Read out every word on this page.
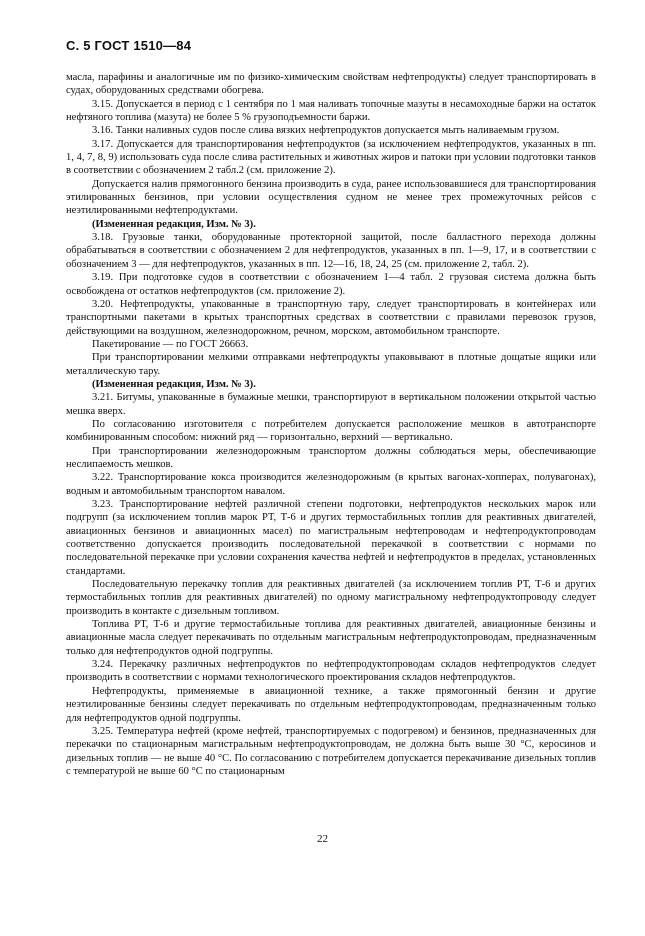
С. 5 ГОСТ 1510—84

масла, парафины и аналогичные им по физико-химическим свойствам нефтепродукты) следует транспортировать в судах, оборудованных средствами обогрева.

3.15. Допускается в период с 1 сентября по 1 мая наливать топочные мазуты в несамоходные баржи на остаток нефтяного топлива (мазута) не более 5 % грузоподъемности баржи.

3.16. Танки наливных судов после слива вязких нефтепродуктов допускается мыть наливаемым грузом.

3.17. Допускается для транспортирования нефтепродуктов (за исключением нефтепродуктов, указанных в пп. 1, 4, 7, 8, 9) использовать суда после слива растительных и животных жиров и патоки при условии подготовки танков в соответствии с обозначением 2 табл.2 (см. приложение 2).

Допускается налив прямогонного бензина производить в суда, ранее использовавшиеся для транспортирования этилированных бензинов, при условии осуществления судном не менее трех промежуточных рейсов с неэтилированными нефтепродуктами.

(Измененная редакция, Изм. № 3).

3.18. Грузовые танки, оборудованные протекторной защитой, после балластного перехода должны обрабатываться в соответствии с обозначением 2 для нефтепродуктов, указанных в пп. 1—9, 17, и в соответствии с обозначением 3 — для нефтепродуктов, указанных в пп. 12—16, 18, 24, 25 (см. приложение 2, табл. 2).

3.19. При подготовке судов в соответствии с обозначением 1—4 табл. 2 грузовая система должна быть освобождена от остатков нефтепродуктов (см. приложение 2).

3.20. Нефтепродукты, упакованные в транспортную тару, следует транспортировать в контейнерах или транспортными пакетами в крытых транспортных средствах в соответствии с правилами перевозок грузов, действующими на воздушном, железнодорожном, речном, морском, автомобильном транспорте.

Пакетирование — по ГОСТ 26663.

При транспортировании мелкими отправками нефтепродукты упаковывают в плотные дощатые ящики или металлическую тару.

(Измененная редакция, Изм. № 3).

3.21. Битумы, упакованные в бумажные мешки, транспортируют в вертикальном положении открытой частью мешка вверх.

По согласованию изготовителя с потребителем допускается расположение мешков в автотранспорте комбинированным способом: нижний ряд — горизонтально, верхний — вертикально.

При транспортировании железнодорожным транспортом должны соблюдаться меры, обеспечивающие неслипаемость мешков.

3.22. Транспортирование кокса производится железнодорожным (в крытых вагонах-хопперах, полувагонах), водным и автомобильным транспортом навалом.

3.23. Транспортирование нефтей различной степени подготовки, нефтепродуктов нескольких марок или подгрупп (за исключением топлив марок РТ, Т-6 и других термостабильных топлив для реактивных двигателей, авиационных бензинов и авиационных масел) по магистральным нефтепроводам и нефтепродуктопроводам соответственно допускается производить последовательной перекачкой в соответствии с нормами по последовательной перекачке при условии сохранения качества нефтей и нефтепродуктов в пределах, установленных стандартами.

Последовательную перекачку топлив для реактивных двигателей (за исключением топлив РТ, Т-6 и других термостабильных топлив для реактивных двигателей) по одному магистральному нефтепродуктопроводу следует производить в контакте с дизельным топливом.

Топлива РТ, Т-6 и другие термостабильные топлива для реактивных двигателей, авиационные бензины и авиационные масла следует перекачивать по отдельным магистральным нефтепродуктопроводам, предназначенным только для нефтепродуктов одной подгруппы.

3.24. Перекачку различных нефтепродуктов по нефтепродуктопроводам складов нефтепродуктов следует производить в соответствии с нормами технологического проектирования складов нефтепродуктов.

Нефтепродукты, применяемые в авиационной технике, а также прямогонный бензин и другие неэтилированные бензины следует перекачивать по отдельным нефтепродуктопроводам, предназначенным только для нефтепродуктов одной подгруппы.

3.25. Температура нефтей (кроме нефтей, транспортируемых с подогревом) и бензинов, предназначенных для перекачки по стационарным магистральным нефтепродуктопроводам, не должна быть выше 30 °С, керосинов и дизельных топлив — не выше 40 °С. По согласованию с потребителем допускается перекачивание дизельных топлив с температурой не выше 60 °С по стационарным

22
